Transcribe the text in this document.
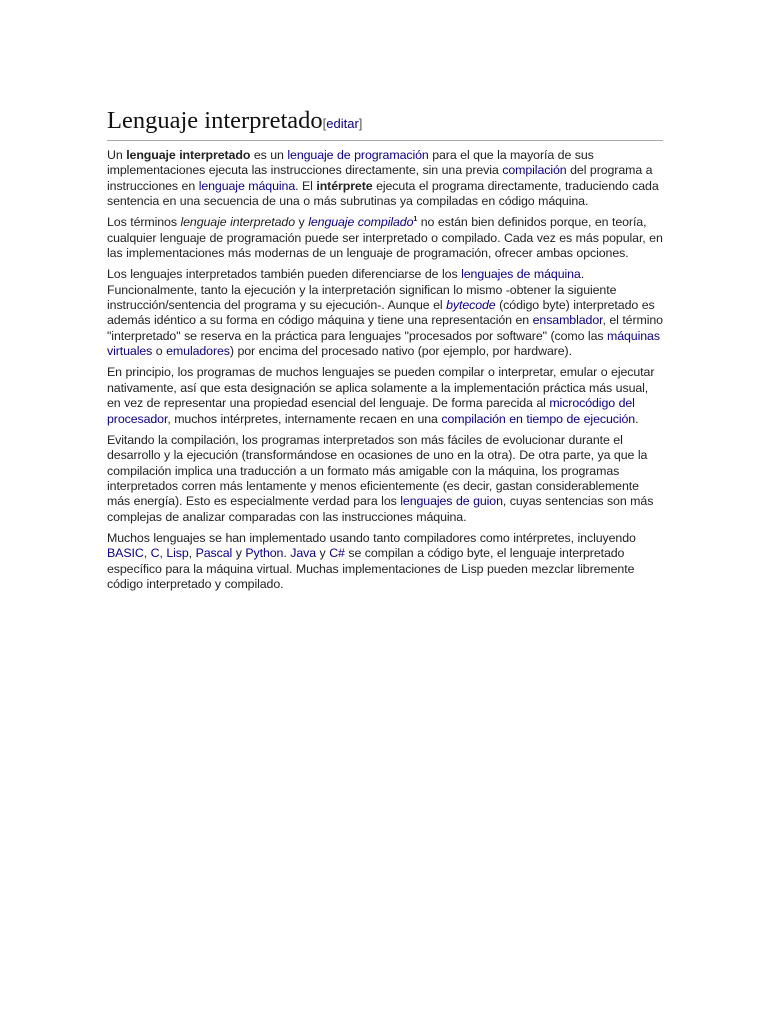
Lenguaje interpretado[editar]

Un lenguaje interpretado es un lenguaje de programación para el que la mayoría de sus implementaciones ejecuta las instrucciones directamente, sin una previa compilación del programa a instrucciones en lenguaje máquina. El intérprete ejecuta el programa directamente, traduciendo cada sentencia en una secuencia de una o más subrutinas ya compiladas en código máquina.

Los términos lenguaje interpretado y lenguaje compilado$^1$ no están bien definidos porque, en teoría, cualquier lenguaje de programación puede ser interpretado o compilado. Cada vez es más popular, en las implementaciones más modernas de un lenguaje de programación, ofrecer ambas opciones.

Los lenguajes interpretados también pueden diferenciarse de los lenguajes de máquina. Funcionalmente, tanto la ejecución y la interpretación significan lo mismo -obtener la siguiente instrucción/sentencia del programa y su ejecución-. Aunque el bytecode (código byte) interpretado es además idéntico a su forma en código máquina y tiene una representación en ensamblador, el término "interpretado" se reserva en la práctica para lenguajes "procesados por software" (como las máquinas virtuales o emuladores) por encima del procesado nativo (por ejemplo, por hardware).

En principio, los programas de muchos lenguajes se pueden compilar o interpretar, emular o ejecutar nativamente, así que esta designación se aplica solamente a la implementación práctica más usual, en vez de representar una propiedad esencial del lenguaje. De forma parecida al microcódigo del procesador, muchos intérpretes, internamente recaen en una compilación en tiempo de ejecución.

Evitando la compilación, los programas interpretados son más fáciles de evolucionar durante el desarrollo y la ejecución (transformándose en ocasiones de uno en la otra). De otra parte, ya que la compilación implica una traducción a un formato más amigable con la máquina, los programas interpretados corren más lentamente y menos eficientemente (es decir, gastan considerablemente más energía). Esto es especialmente verdad para los lenguajes de guion, cuyas sentencias son más complejas de analizar comparadas con las instrucciones máquina.

Muchos lenguajes se han implementado usando tanto compiladores como intérpretes, incluyendo BASIC, C, Lisp, Pascal y Python. Java y C# se compilan a código byte, el lenguaje interpretado específico para la máquina virtual. Muchas implementaciones de Lisp pueden mezclar libremente código interpretado y compilado.
